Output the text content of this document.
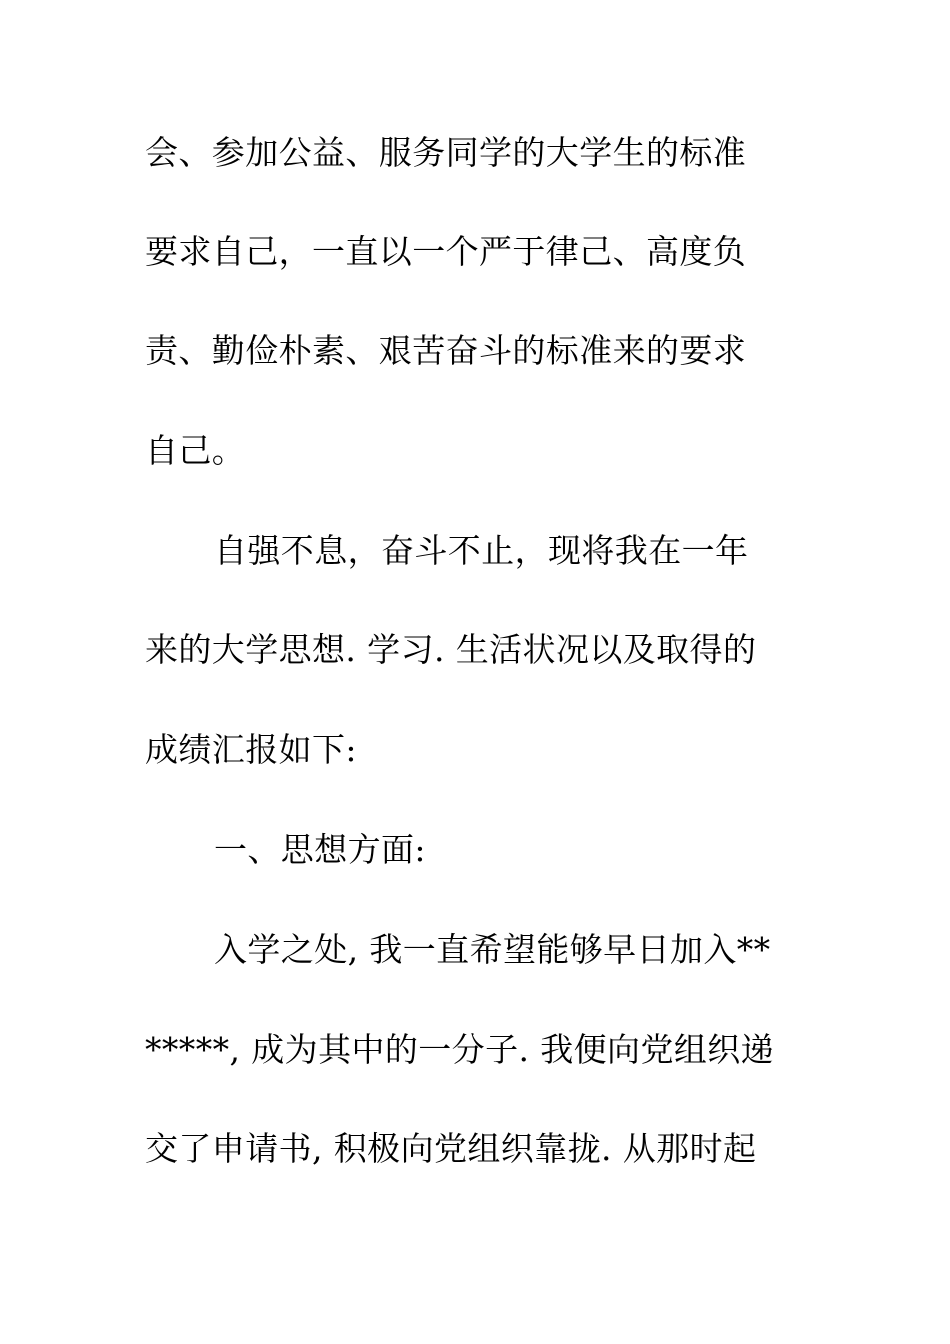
会、参加公益、服务同学的大学生的标准
要求自己，一直以一个严于律己、高度负
责、勤俭朴素、艰苦奋斗的标准来的要求
自己。
自强不息，奋斗不止，现将我在一年
来的大学思想. 学习. 生活状况以及取得的
成绩汇报如下:
一、思想方面:
入学之处, 我一直希望能够早日加入**
*****, 成为其中的一分子. 我便向党组织递
交了申请书, 积极向党组织靠拢. 从那时起
